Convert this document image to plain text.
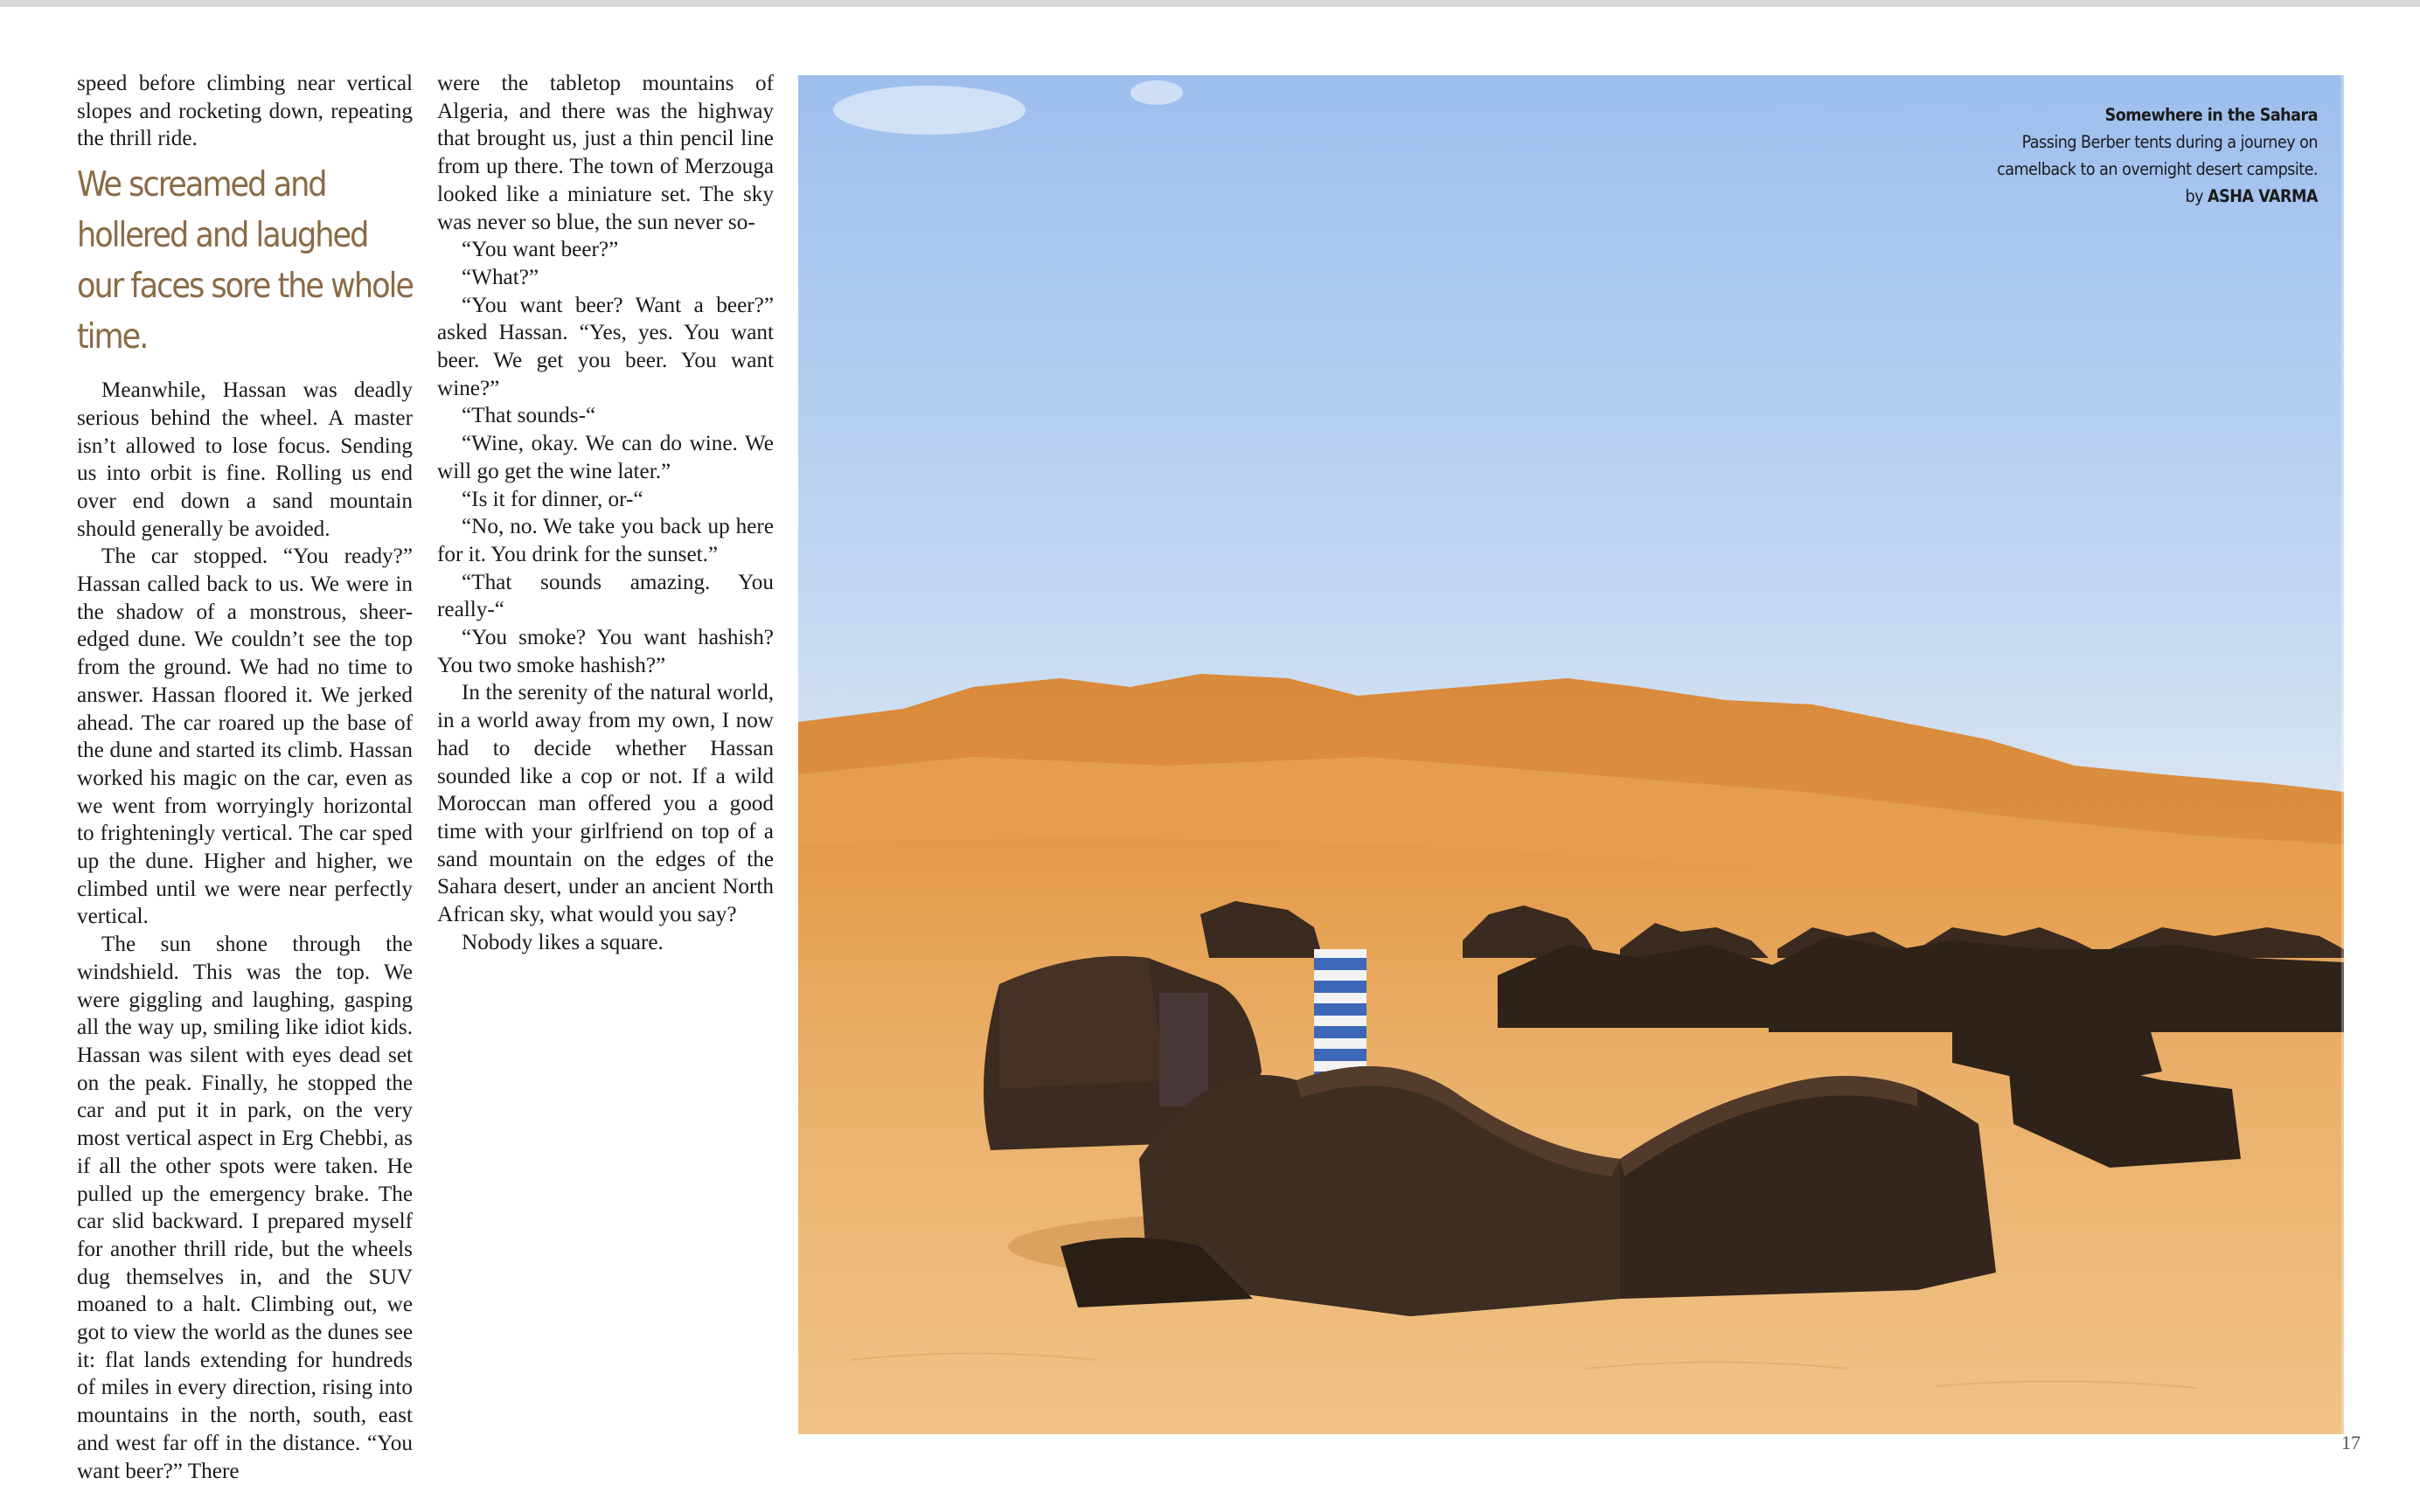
speed before climbing near vertical slopes and rocketing down, repeating the thrill ride.

We screamed and hollered and laughed our faces sore the whole time.

Meanwhile, Hassan was deadly serious behind the wheel. A master isn’t allowed to lose focus. Sending us into orbit is fine. Rolling us end over end down a sand mountain should generally be avoided.

The car stopped. “You ready?” Hassan called back to us. We were in the shadow of a monstrous, sheer-edged dune. We couldn’t see the top from the ground. We had no time to answer. Hassan floored it. We jerked ahead. The car roared up the base of the dune and started its climb. Hassan worked his magic on the car, even as we went from worryingly horizontal to frighteningly vertical. The car sped up the dune. Higher and higher, we climbed until we were near perfectly vertical.

The sun shone through the windshield. This was the top. We were giggling and laughing, gasping all the way up, smiling like idiot kids. Hassan was silent with eyes dead set on the peak. Finally, he stopped the car and put it in park, on the very most vertical aspect in Erg Chebbi, as if all the other spots were taken. He pulled up the emergency brake. The car slid backward. I prepared myself for another thrill ride, but the wheels dug themselves in, and the SUV moaned to a halt. Climbing out, we got to view the world as the dunes see it: flat lands extending for hundreds of miles in every direction, rising into mountains in the north, south, east and west far off in the distance. “You want beer?” There

were the tabletop mountains of Algeria, and there was the highway that brought us, just a thin pencil line from up there. The town of Merzouga looked like a miniature set. The sky was never so blue, the sun never so-

“You want beer?”

“What?”

“You want beer? Want a beer?” asked Hassan. “Yes, yes. You want beer. We get you beer. You want wine?”

“That sounds-“

“Wine, okay. We can do wine. We will go get the wine later.”

“Is it for dinner, or-“

“No, no. We take you back up here for it. You drink for the sunset.”

“That sounds amazing. You really-“

“You smoke? You want hashish? You two smoke hashish?”

In the serenity of the natural world, in a world away from my own, I now had to decide whether Hassan sounded like a cop or not. If a wild Moroccan man offered you a good time with your girlfriend on top of a sand mountain on the edges of the Sahara desert, under an ancient North African sky, what would you say?

Nobody likes a square.

Somewhere in the Sahara
Passing Berber tents during a journey on
camelback to an overnight desert campsite.
by ASHA VARMA
17
